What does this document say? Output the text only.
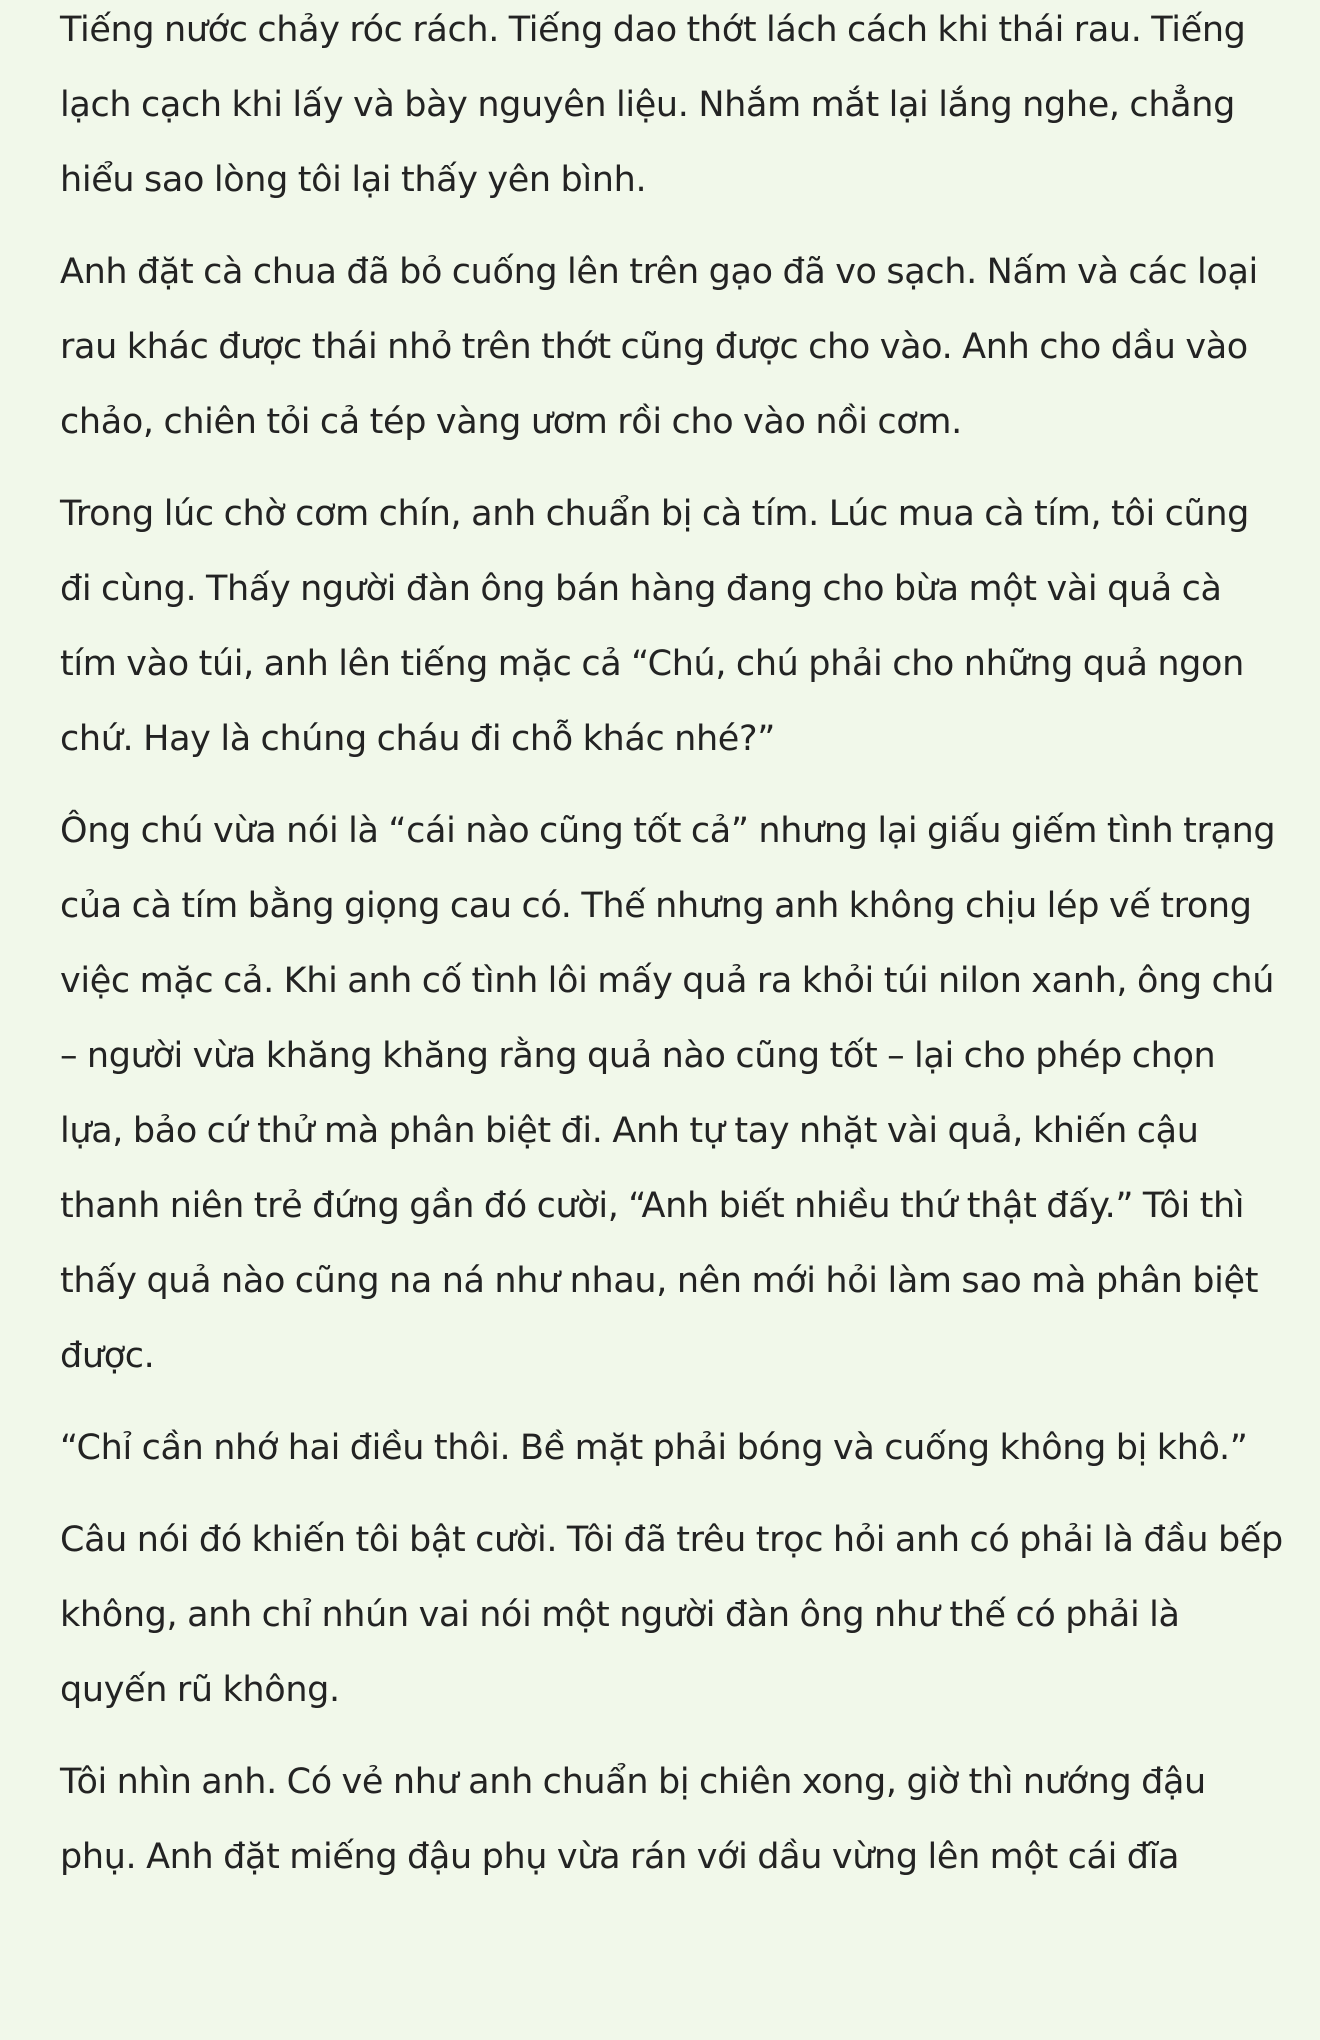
Tiếng nước chảy róc rách. Tiếng dao thớt lách cách khi thái rau. Tiếng lạch cạch khi lấy và bày nguyên liệu. Nhắm mắt lại lắng nghe, chẳng hiểu sao lòng tôi lại thấy yên bình.

Anh đặt cà chua đã bỏ cuống lên trên gạo đã vo sạch. Nấm và các loại rau khác được thái nhỏ trên thớt cũng được cho vào. Anh cho dầu vào chảo, chiên tỏi cả tép vàng ươm rồi cho vào nồi cơm.

Trong lúc chờ cơm chín, anh chuẩn bị cà tím. Lúc mua cà tím, tôi cũng đi cùng. Thấy người đàn ông bán hàng đang cho bừa một vài quả cà tím vào túi, anh lên tiếng mặc cả “Chú, chú phải cho những quả ngon chứ. Hay là chúng cháu đi chỗ khác nhé?”

Ông chú vừa nói là “cái nào cũng tốt cả” nhưng lại giấu giếm tình trạng của cà tím bằng giọng cau có. Thế nhưng anh không chịu lép vế trong việc mặc cả. Khi anh cố tình lôi mấy quả ra khỏi túi nilon xanh, ông chú – người vừa khăng khăng rằng quả nào cũng tốt – lại cho phép chọn lựa, bảo cứ thử mà phân biệt đi. Anh tự tay nhặt vài quả, khiến cậu thanh niên trẻ đứng gần đó cười, “Anh biết nhiều thứ thật đấy.” Tôi thì thấy quả nào cũng na ná như nhau, nên mới hỏi làm sao mà phân biệt được.

“Chỉ cần nhớ hai điều thôi. Bề mặt phải bóng và cuống không bị khô.”

Câu nói đó khiến tôi bật cười. Tôi đã trêu trọc hỏi anh có phải là đầu bếp không, anh chỉ nhún vai nói một người đàn ông như thế có phải là quyến rũ không.

Tôi nhìn anh. Có vẻ như anh chuẩn bị chiên xong, giờ thì nướng đậu phụ. Anh đặt miếng đậu phụ vừa rán với dầu vừng lên một cái đĩa
